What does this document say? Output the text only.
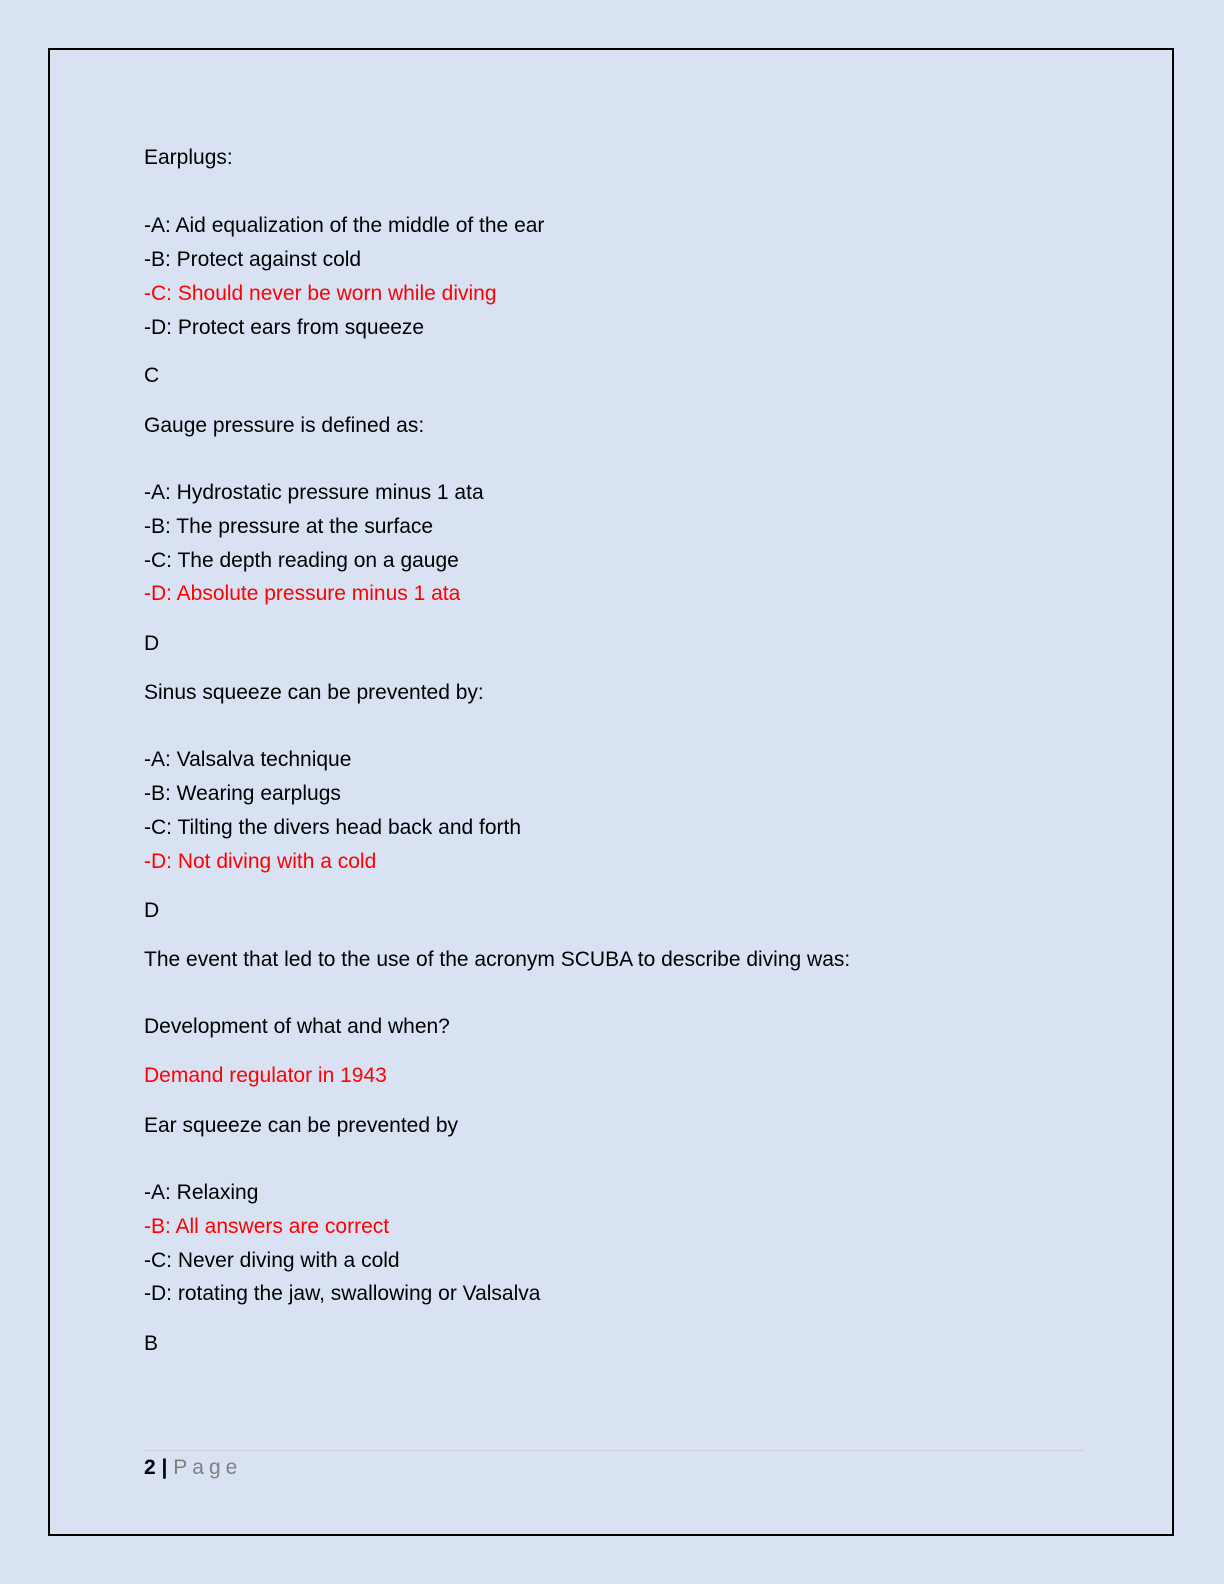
Earplugs:
-A: Aid equalization of the middle of the ear
-B: Protect against cold
-C: Should never be worn while diving
-D: Protect ears from squeeze
C
Gauge pressure is defined as:
-A: Hydrostatic pressure minus 1 ata
-B: The pressure at the surface
-C: The depth reading on a gauge
-D: Absolute pressure minus 1 ata
D
Sinus squeeze can be prevented by:
-A: Valsalva technique
-B: Wearing earplugs
-C: Tilting the divers head back and forth
-D: Not diving with a cold
D
The event that led to the use of the acronym SCUBA to describe diving was:
Development of what and when?
Demand regulator in 1943
Ear squeeze can be prevented by
-A: Relaxing
-B: All answers are correct
-C: Never diving with a cold
-D: rotating the jaw, swallowing or Valsalva
B
2 | Page
